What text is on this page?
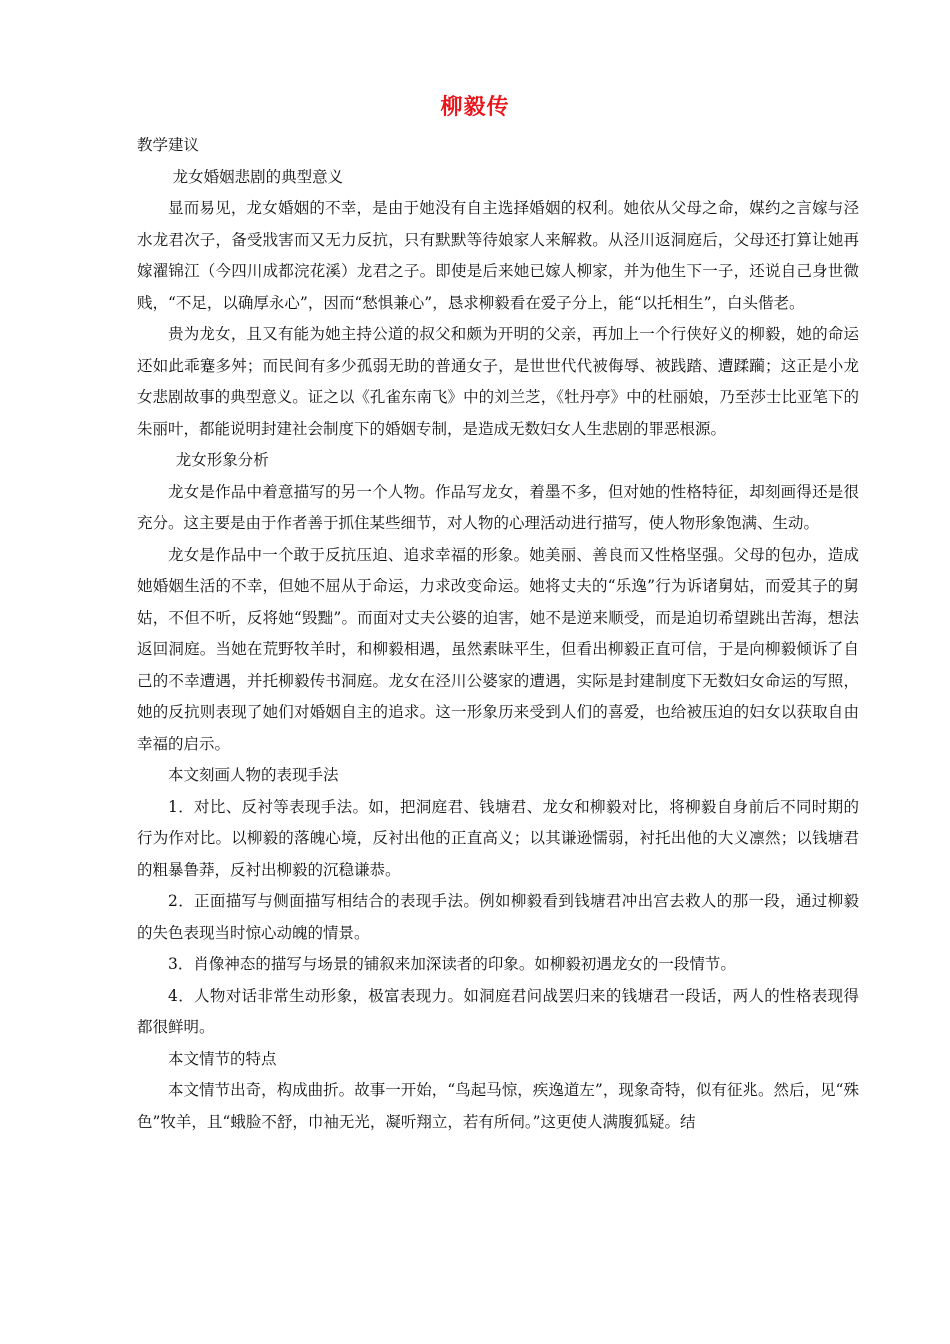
柳毅传

教学建议

龙女婚姻悲剧的典型意义

显而易见，龙女婚姻的不幸，是由于她没有自主选择婚姻的权利。她依从父母之命，媒约之言嫁与泾水龙君次子，备受戕害而又无力反抗，只有默默等待娘家人来解救。从泾川返洞庭后，父母还打算让她再嫁濯锦江（今四川成都浣花溪）龙君之子。即使是后来她已嫁人柳家，并为他生下一子，还说自己身世微贱，“不足，以确厚永心”，因而“愁惧兼心”，恳求柳毅看在爱子分上，能“以托相生”，白头偕老。

贵为龙女，且又有能为她主持公道的叔父和颇为开明的父亲，再加上一个行侠好义的柳毅，她的命运还如此乖蹇多舛；而民间有多少孤弱无助的普通女子，是世世代代被侮辱、被践踏、遭蹂躏；这正是小龙女悲剧故事的典型意义。证之以《孔雀东南飞》中的刘兰芝，《牡丹亭》中的杜丽娘，乃至莎士比亚笔下的朱丽叶，都能说明封建社会制度下的婚姻专制，是造成无数妇女人生悲剧的罪恶根源。

龙女形象分析

龙女是作品中着意描写的另一个人物。作品写龙女，着墨不多，但对她的性格特征，却刻画得还是很充分。这主要是由于作者善于抓住某些细节，对人物的心理活动进行描写，使人物形象饱满、生动。

龙女是作品中一个敢于反抗压迫、追求幸福的形象。她美丽、善良而又性格坚强。父母的包办，造成她婚姻生活的不幸，但她不屈从于命运，力求改变命运。她将丈夫的“乐逸”行为诉诸舅姑，而爱其子的舅姑，不但不听，反将她“毁黜”。而面对丈夫公婆的迫害，她不是逆来顺受，而是迫切希望跳出苦海，想法返回洞庭。当她在荒野牧羊时，和柳毅相遇，虽然素昧平生，但看出柳毅正直可信，于是向柳毅倾诉了自己的不幸遭遇，并托柳毅传书洞庭。龙女在泾川公婆家的遭遇，实际是封建制度下无数妇女命运的写照，她的反抗则表现了她们对婚姻自主的追求。这一形象历来受到人们的喜爱，也给被压迫的妇女以获取自由幸福的启示。

本文刻画人物的表现手法

1．对比、反衬等表现手法。如，把洞庭君、钱塘君、龙女和柳毅对比，将柳毅自身前后不同时期的行为作对比。以柳毅的落魄心境，反衬出他的正直高义；以其谦逊懦弱，衬托出他的大义凛然；以钱塘君的粗暴鲁莽，反衬出柳毅的沉稳谦恭。

2．正面描写与侧面描写相结合的表现手法。例如柳毅看到钱塘君冲出宫去救人的那一段，通过柳毅的失色表现当时惊心动魄的情景。

3．肖像神态的描写与场景的铺叙来加深读者的印象。如柳毅初遇龙女的一段情节。

4．人物对话非常生动形象，极富表现力。如洞庭君问战罢归来的钱塘君一段话，两人的性格表现得都很鲜明。

本文情节的特点

本文情节出奇，构成曲折。故事一开始，“鸟起马惊，疾逸道左”，现象奇特，似有征兆。然后，见“殊色”牧羊，且“蛾脸不舒，巾袖无光，凝听翔立，若有所伺。”这更使人满腹狐疑。结
